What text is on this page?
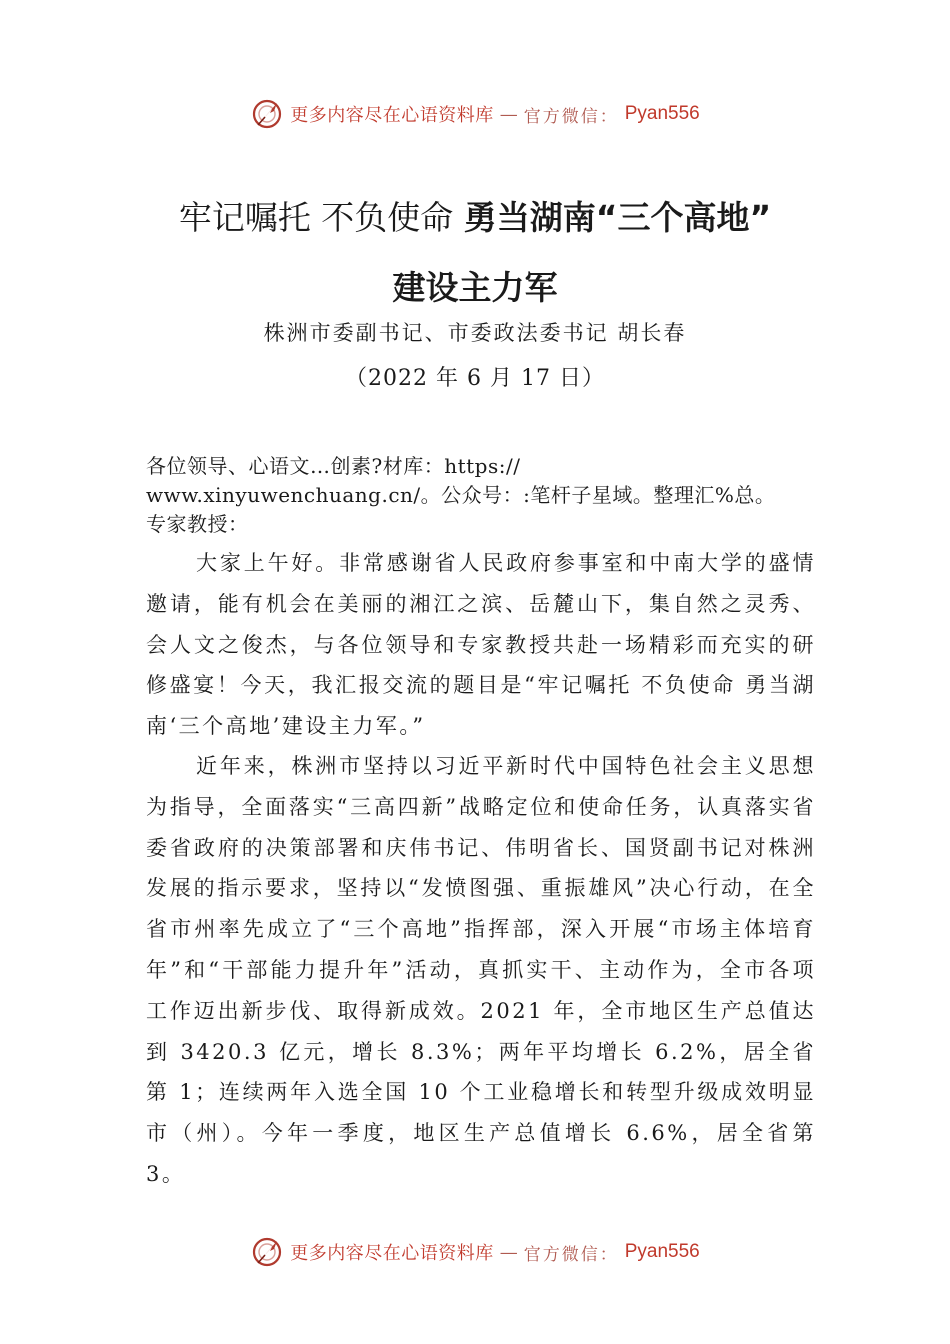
更多内容尽在心语资料库 — 官方微信： Pyan556
牢记嘱托 不负使命 勇当湖南“三个高地”
建设主力军
株洲市委副书记、市委政法委书记 胡长春
（2022 年 6 月 17 日）
各位领导、心语文…创素?材库：https://
www.xinyuwenchuang.cn/。公众号：:笔杆子星域。整理汇%总。
专家教授：
大家上午好。非常感谢省人民政府参事室和中南大学的盛情邀请，能有机会在美丽的湘江之滨、岳麓山下，集自然之灵秀、会人文之俊杰，与各位领导和专家教授共赴一场精彩而充实的研修盛宴！今天，我汇报交流的题目是“牢记嘱托 不负使命 勇当湖南‘三个高地’建设主力军。”
近年来，株洲市坚持以习近平新时代中国特色社会主义思想为指导，全面落实“三高四新”战略定位和使命任务，认真落实省委省政府的决策部署和庆伟书记、伟明省长、国贤副书记对株洲发展的指示要求，坚持以“发愤图强、重振雄风”决心行动，在全省市州率先成立了“三个高地”指挥部，深入开展“市场主体培育年”和“干部能力提升年”活动，真抓实干、主动作为，全市各项工作迈出新步伐、取得新成效。2021 年，全市地区生产总值达到 3420.3 亿元，增长 8.3%；两年平均增长 6.2%，居全省第 1；连续两年入选全国 10 个工业稳增长和转型升级成效明显市（州）。今年一季度，地区生产总值增长 6.6%，居全省第 3。
更多内容尽在心语资料库 — 官方微信： Pyan556
